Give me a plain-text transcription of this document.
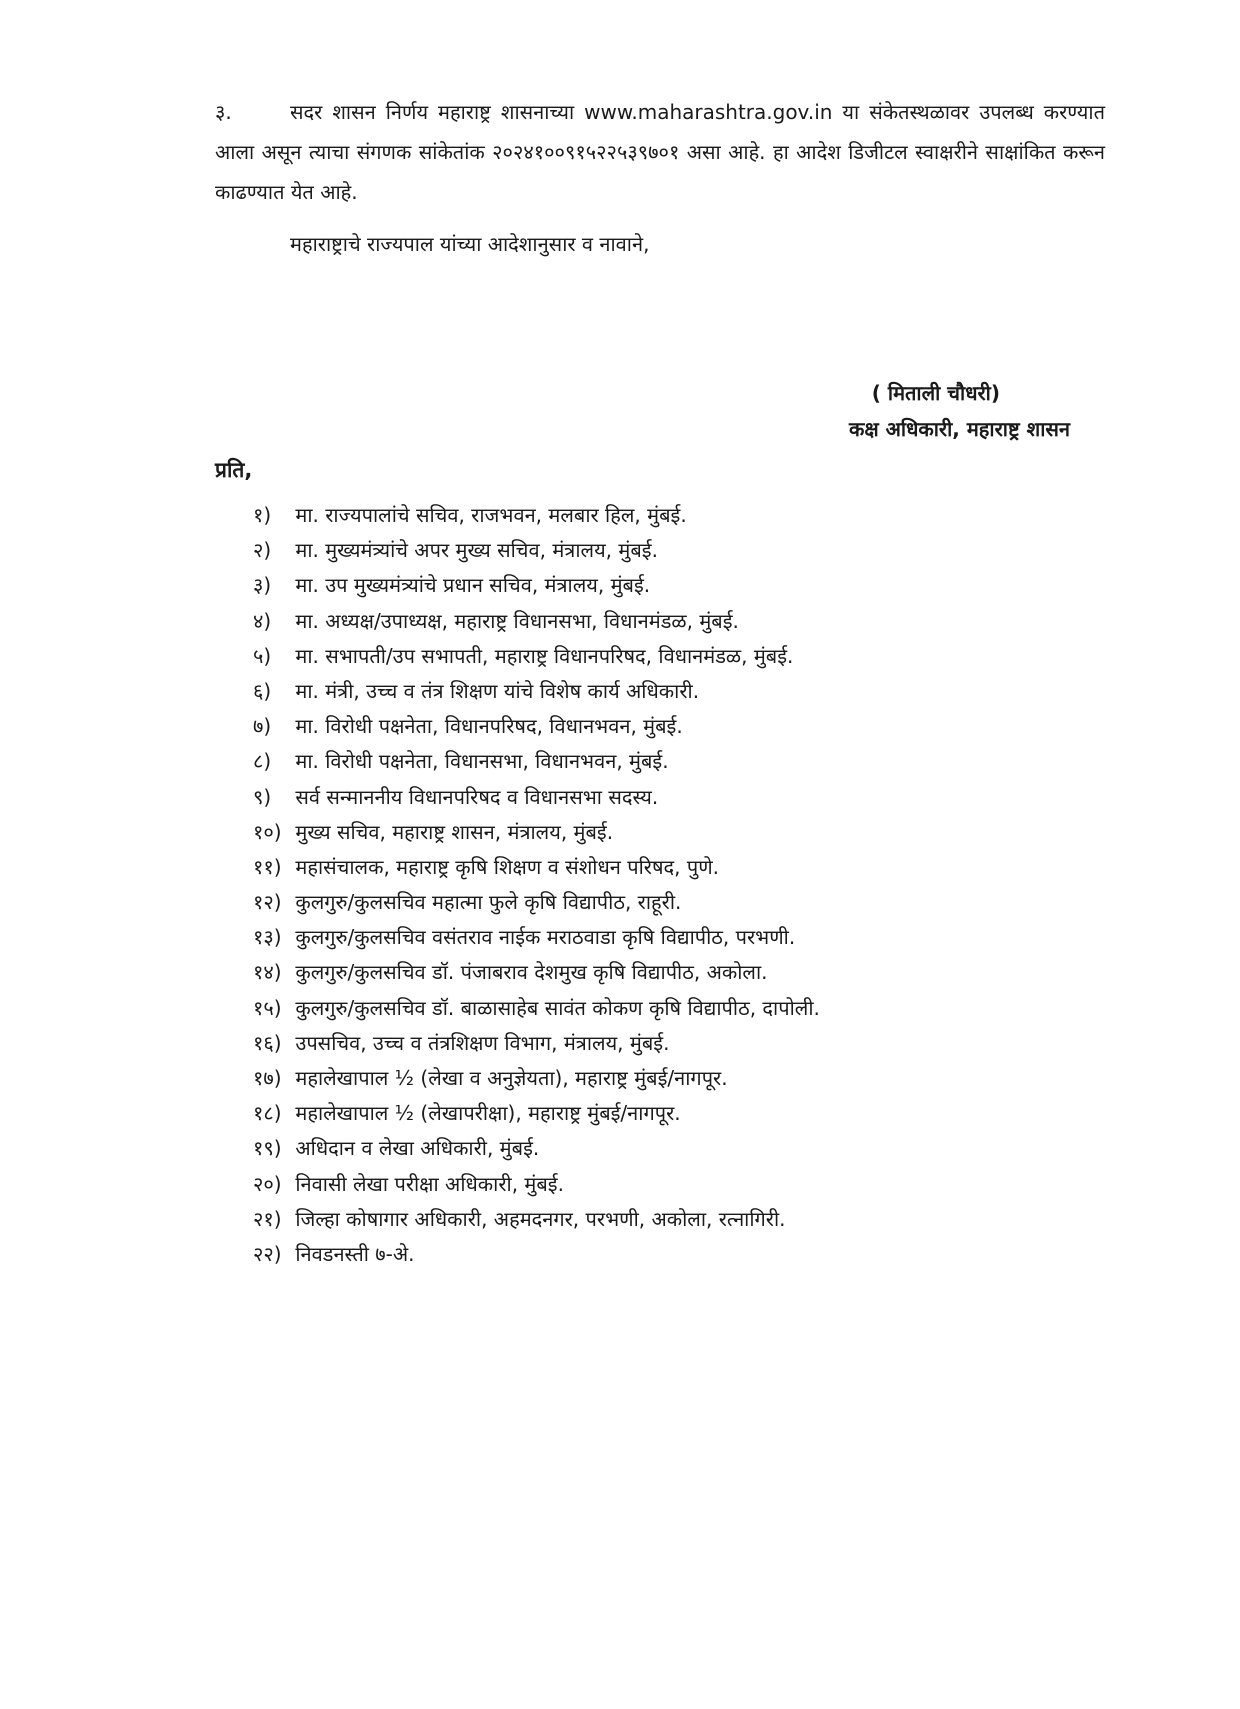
३.	सदर शासन निर्णय महाराष्ट्र शासनाच्या www.maharashtra.gov.in या संकेतस्थळावर उपलब्ध करण्यात आला असून त्याचा संगणक सांकेतांक २०२४१००९१५२२५३९७०१ असा आहे. हा आदेश डिजीटल स्वाक्षरीने साक्षांकित करून काढण्यात येत आहे.
महाराष्ट्राचे राज्यपाल यांच्या आदेशानुसार व नावाने,
( मिताली चौधरी)
कक्ष अधिकारी, महाराष्ट्र शासन
प्रति,
१) मा. राज्यपालांचे सचिव, राजभवन, मलबार हिल, मुंबई.
२) मा. मुख्यमंत्र्यांचे अपर मुख्य सचिव, मंत्रालय, मुंबई.
३) मा. उप मुख्यमंत्र्यांचे प्रधान सचिव, मंत्रालय, मुंबई.
४) मा. अध्यक्ष/उपाध्यक्ष, महाराष्ट्र विधानसभा, विधानमंडळ, मुंबई.
५) मा. सभापती/उप सभापती, महाराष्ट्र विधानपरिषद, विधानमंडळ, मुंबई.
६) मा. मंत्री, उच्च व तंत्र शिक्षण यांचे विशेष कार्य अधिकारी.
७) मा. विरोधी पक्षनेता, विधानपरिषद, विधानभवन, मुंबई.
८) मा. विरोधी पक्षनेता, विधानसभा, विधानभवन, मुंबई.
९) सर्व सन्माननीय विधानपरिषद व विधानसभा सदस्य.
१०) मुख्य सचिव, महाराष्ट्र शासन, मंत्रालय, मुंबई.
११) महासंचालक, महाराष्ट्र कृषि शिक्षण व संशोधन परिषद, पुणे.
१२) कुलगुरु/कुलसचिव महात्मा फुले कृषि विद्यापीठ, राहूरी.
१३) कुलगुरु/कुलसचिव वसंतराव नाईक मराठवाडा कृषि विद्यापीठ, परभणी.
१४) कुलगुरु/कुलसचिव डॉ. पंजाबराव देशमुख कृषि विद्यापीठ, अकोला.
१५) कुलगुरु/कुलसचिव डॉ. बाळासाहेब सावंत कोकण कृषि विद्यापीठ, दापोली.
१६) उपसचिव, उच्च व तंत्रशिक्षण विभाग, मंत्रालय, मुंबई.
१७) महालेखापाल ½ (लेखा व अनुज्ञेयता), महाराष्ट्र मुंबई/नागपूर.
१८) महालेखापाल ½ (लेखापरीक्षा), महाराष्ट्र मुंबई/नागपूर.
१९) अधिदान व लेखा अधिकारी, मुंबई.
२०) निवासी लेखा परीक्षा अधिकारी, मुंबई.
२१) जिल्हा कोषागार अधिकारी, अहमदनगर, परभणी, अकोला, रत्नागिरी.
२२) निवडनस्ती ७-अे.
